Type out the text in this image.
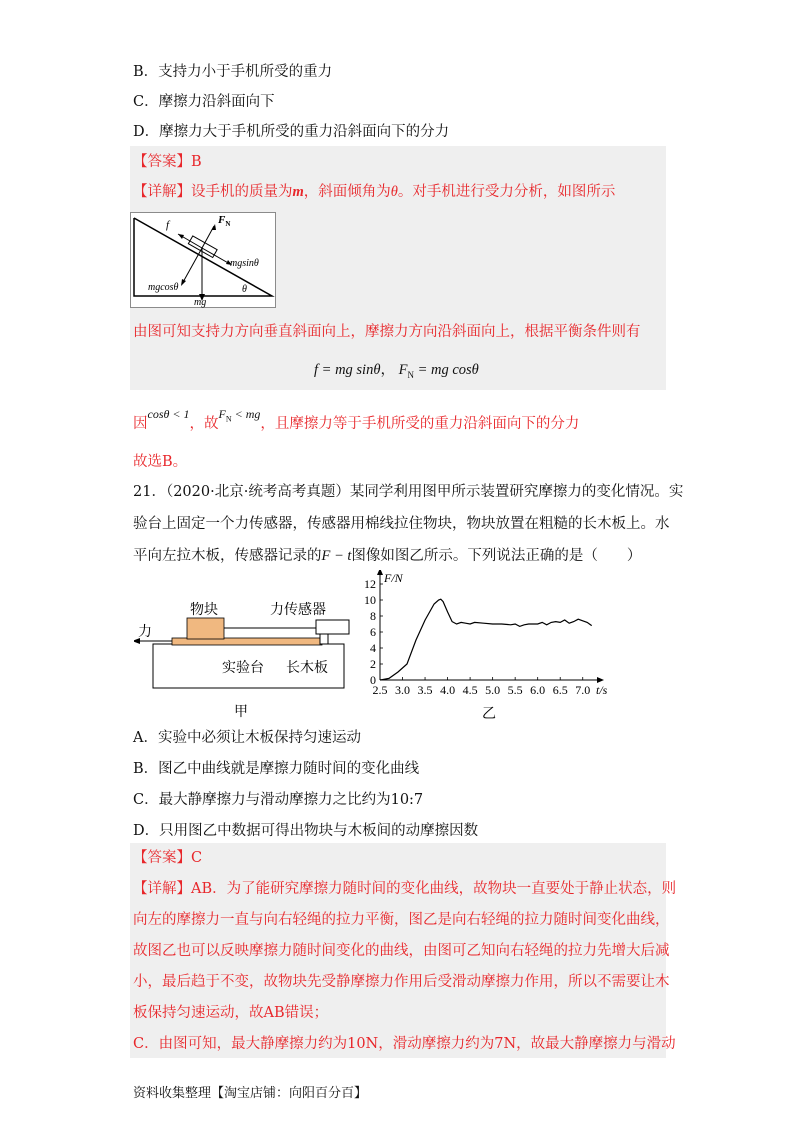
B．支持力小于手机所受的重力
C．摩擦力沿斜面向下
D．摩擦力大于手机所受的重力沿斜面向下的分力
【答案】B
【详解】设手机的质量为m，斜面倾角为θ。对手机进行受力分析，如图所示
f	$F_N$
mgsinθ
mgcosθ
mg
θ
由图可知支持力方向垂直斜面向上，摩擦力方向沿斜面向上，根据平衡条件则有
f = mg sinθ， $F_N$ = mg cosθ
因$^{cos\theta < 1}$，故$^{F_N < mg}$，且摩擦力等于手机所受的重力沿斜面向下的分力
故选B。
21．（2020·北京·统考高考真题）某同学利用图甲所示装置研究摩擦力的变化情况。实
验台上固定一个力传感器，传感器用棉线拉住物块，物块放置在粗糙的长木板上。水
平向左拉木板，传感器记录的F − t图像如图乙所示。下列说法正确的是（　　）
物块	力传感器
力
实验台 长木板
甲
F/N
t/s
0
2
4
6
8
10
12
2.5 3.0 3.5 4.0 4.5 5.0 5.5 6.0 6.5 7.0
乙
A．实验中必须让木板保持匀速运动
B．图乙中曲线就是摩擦力随时间的变化曲线
C．最大静摩擦力与滑动摩擦力之比约为10:7
D．只用图乙中数据可得出物块与木板间的动摩擦因数
【答案】C
【详解】AB．为了能研究摩擦力随时间的变化曲线，故物块一直要处于静止状态，则
向左的摩擦力一直与向右轻绳的拉力平衡，图乙是向右轻绳的拉力随时间变化曲线，
故图乙也可以反映摩擦力随时间变化的曲线，由图可乙知向右轻绳的拉力先增大后减
小，最后趋于不变，故物块先受静摩擦力作用后受滑动摩擦力作用，所以不需要让木
板保持匀速运动，故AB错误；
C．由图可知，最大静摩擦力约为10N，滑动摩擦力约为7N，故最大静摩擦力与滑动
资料收集整理【淘宝店铺：向阳百分百】
